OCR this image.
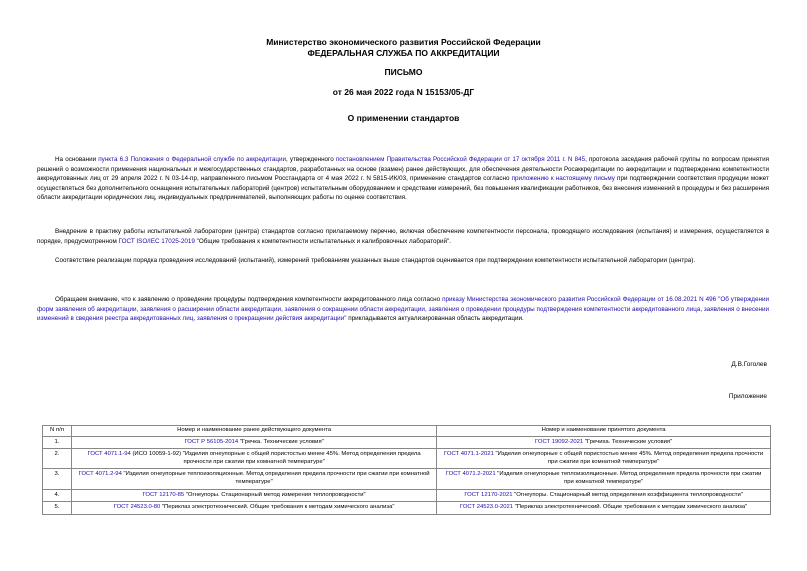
Министерство экономического развития Российской Федерации
ФЕДЕРАЛЬНАЯ СЛУЖБА ПО АККРЕДИТАЦИИ
ПИСЬМО
от 26 мая 2022 года N 15153/05-ДГ
О применении стандартов
На основании пункта 6.3 Положения о Федеральной службе по аккредитации, утвержденного постановлением Правительства Российской Федерации от 17 октября 2011 г. N 845, протокола заседания рабочей группы по вопросам принятия решений о возможности применения национальных и межгосударственных стандартов, разработанных на основе (взамен) ранее действующих, для обеспечения деятельности Росаккредитации по аккредитации и подтверждению компетентности аккредитованных лиц от 29 апреля 2022 г. N 03-14-пр, направленного письмом Росстандарта от 4 мая 2022 г. N 5815-ИК/03, применение стандартов согласно приложению к настоящему письму при подтверждении соответствия продукции может осуществляться без дополнительного оснащения испытательных лабораторий (центров) испытательным оборудованием и средствами измерений, без повышения квалификации работников, без внесения изменений в процедуры и без расширения области аккредитации юридических лиц, индивидуальных предпринимателей, выполняющих работы по оценке соответствия.
Внедрение в практику работы испытательной лаборатории (центра) стандартов согласно прилагаемому перечню, включая обеспечение компетентности персонала, проводящего исследования (испытания) и измерения, осуществляется в порядке, предусмотренном ГОСТ ISO/IEC 17025-2019 "Общие требования к компетентности испытательных и калибровочных лабораторий".
Соответствие реализации порядка проведения исследований (испытаний), измерений требованиям указанных выше стандартов оценивается при подтверждении компетентности испытательной лаборатории (центра).
Обращаем внимание, что к заявлению о проведении процедуры подтверждения компетентности аккредитованного лица согласно приказу Министерства экономического развития Российской Федерации от 16.08.2021 N 496 "Об утверждении форм заявления об аккредитации, заявления о расширении области аккредитации, заявления о сокращении области аккредитации, заявления о проведении процедуры подтверждения компетентности аккредитованного лица, заявления о внесении изменений в сведения реестра аккредитованных лиц, заявления о прекращении действия аккредитации" прикладывается актуализированная область аккредитации.
Д.В.Гоголев
Приложение
N п/п	Номер и наименование ранее действующего документа	Номер и наименование принятого документа
1.	ГОСТ Р 56105-2014 "Гречка. Технические условия"	ГОСТ 19092-2021 "Гречиха. Технические условия"
2.	ГОСТ 4071.1-94 (ИСО 10059-1-92) "Изделия огнеупорные с общей пористостью менее 45%. Метод определения предела прочности при сжатии при комнатной температуре"	ГОСТ 4071.1-2021 "Изделия огнеупорные с общей пористостью менее 45%. Метод определения предела прочности при сжатии при комнатной температуре"
3.	ГОСТ 4071.2-94 "Изделия огнеупорные теплоизоляционные. Метод определения предела прочности при сжатии при комнатной температуре"	ГОСТ 4071.2-2021 "Изделия огнеупорные теплоизоляционные. Метод определения предела прочности при сжатии при комнатной температуре"
4.	ГОСТ 12170-85 "Огнеупоры. Стационарный метод измерения теплопроводности"	ГОСТ 12170-2021 "Огнеупоры. Стационарный метод определения коэффициента теплопроводности"
5.	ГОСТ 24523.0-80 "Периклаз электротехнический. Общие требования к методам химического анализа"	ГОСТ 24523.0-2021 "Периклаз электротехнический. Общие требования к методам химического анализа"
